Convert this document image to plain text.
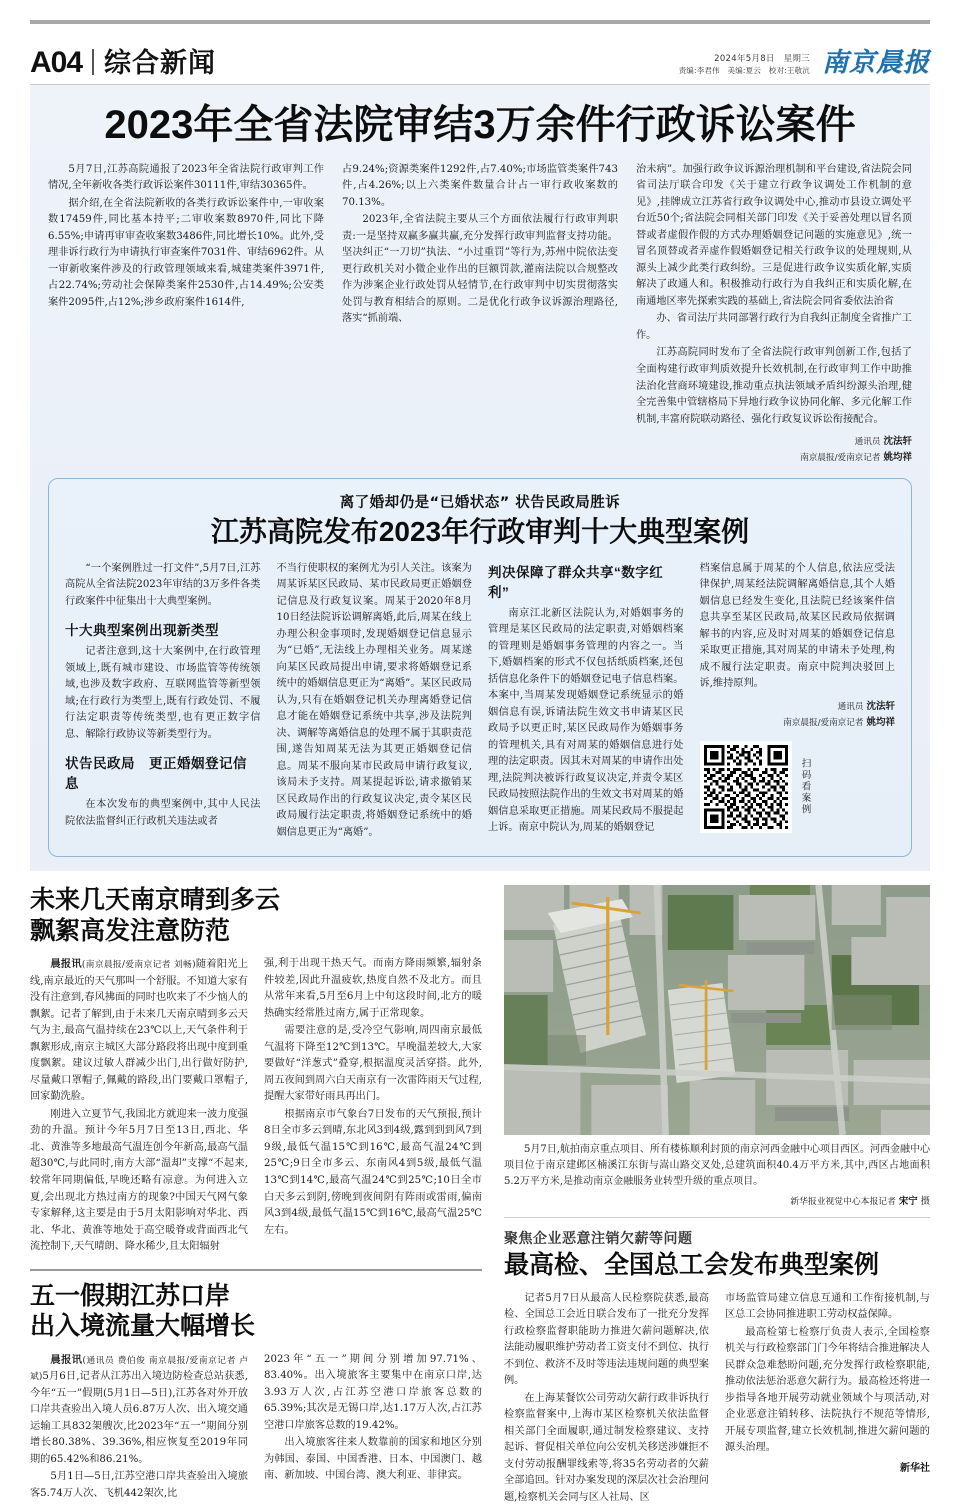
A04 综合新闻	2024年5月8日　星期三
责编:李君伟　美编:夏云　校对:王敬沆 南京晨报
2023年全省法院审结3万余件行政诉讼案件

5月7日,江苏高院通报了2023年全省法院行政审判工作情况,全年新收各类行政诉讼案件30111件,审结30365件。

据介绍,在全省法院新收的各类行政诉讼案件中,一审收案数17459件,同比基本持平;二审收案数8970件,同比下降6.55%;申请再审审查收案数3486件,同比增长10%。此外,受理非诉行政行为申请执行审查案件7031件、审结6962件。从一审新收案件涉及的行政管理领域来看,城建类案件3971件,占22.74%;劳动社会保障类案件2530件,占14.49%;公安类案件2095件,占12%;涉乡政府案件1614件,

占9.24%;资源类案件1292件,占7.40%;市场监管类案件743件,占4.26%;以上六类案件数量合计占一审行政收案数的70.13%。

2023年,全省法院主要从三个方面依法履行行政审判职责:一是坚持双赢多赢共赢,充分发挥行政审判监督支持功能。坚决纠正“一刀切”执法、“小过重罚”等行为,苏州中院依法变更行政机关对小微企业作出的巨额罚款,灌南法院以合规整改作为涉案企业行政处罚从轻情节,在行政审判中切实贯彻落实处罚与教育相结合的原则。二是优化行政争议诉源治理路径,落实“抓前端、

治未病”。加强行政争议诉源治理机制和平台建设,省法院会同省司法厅联合印发《关于建立行政争议调处工作机制的意见》,挂牌成立江苏省行政争议调处中心,推动市县设立调处平台近50个;省法院会同相关部门印发《关于妥善处理以冒名顶替或者虚假作假的方式办理婚姻登记问题的实施意见》,统一冒名顶替或者弄虚作假婚姻登记相关行政争议的处理规则,从源头上减少此类行政纠纷。三是促进行政争议实质化解,实质解决了政通人和。积极推动行政行为自我纠正和实质化解,在南通地区率先探索实践的基础上,省法院会同省委依法治省

办、省司法厅共同部署行政行为自我纠正制度全省推广工作。

江苏高院同时发布了全省法院行政审判创新工作,包括了全面构建行政审判质效提升长效机制,在行政审判工作中助推法治化营商环境建设,推动重点执法领域矛盾纠纷源头治理,健全完善集中管辖格局下异地行政争议协同化解、多元化解工作机制,丰富府院联动路径、强化行政复议诉讼衔接配合。

通讯员 沈法轩
南京晨报/爱南京记者 姚均祥
离了婚却仍是“已婚状态” 状告民政局胜诉
江苏高院发布2023年行政审判十大典型案例

“一个案例胜过一打文件”,5月7日,江苏高院从全省法院2023年审结的3万多件各类行政案件中征集出十大典型案例。

十大典型案例出现新类型

记者注意到,这十大案例中,在行政管理领域上,既有城市建设、市场监管等传统领域,也涉及数字政府、互联网监管等新型领域;在行政行为类型上,既有行政处罚、不履行法定职责等传统类型,也有更正数字信息、解除行政协议等新类型行为。

状告民政局　更正婚姻登记信息

在本次发布的典型案例中,其中人民法院依法监督纠正行政机关违法或者

不当行使职权的案例尤为引人关注。该案为周某诉某区民政局、某市民政局更正婚姻登记信息及行政复议案。周某于2020年8月10日经法院诉讼调解离婚,此后,周某在线上办理公积金事项时,发现婚姻登记信息显示为“已婚”,无法线上办理相关业务。周某遂向某区民政局提出申请,要求将婚姻登记系统中的婚姻信息更正为“离婚”。某区民政局认为,只有在婚姻登记机关办理离婚登记信息才能在婚姻登记系统中共享,涉及法院判决、调解等离婚信息的处理不属于其职责范围,遂告知周某无法为其更正婚姻登记信息。周某不服向某市民政局申请行政复议,该局未予支持。周某提起诉讼,请求撤销某区民政局作出的行政复议决定,责令某区民政局履行法定职责,将婚姻登记系统中的婚姻信息更正为“离婚”。

判决保障了群众共享“数字红利”

南京江北新区法院认为,对婚姻事务的管理是某区民政局的法定职责,对婚姻档案的管理则是婚姻事务管理的内容之一。当下,婚姻档案的形式不仅包括纸质档案,还包括信息化条件下的婚姻登记电子信息档案。本案中,当周某发现婚姻登记系统显示的婚姻信息有误,诉请法院生效文书申请某区民政局予以更正时,某区民政局作为婚姻事务的管理机关,具有对周某的婚姻信息进行处理的法定职责。因其未对周某的申请作出处理,法院判决被诉行政复议决定,并责令某区民政局按照法院作出的生效文书对周某的婚姻信息采取更正措施。周某民政局不服提起上诉。南京中院认为,周某的婚姻登记

档案信息属于周某的个人信息,依法应受法律保护,周某经法院调解离婚信息,其个人婚姻信息已经发生变化,且法院已经该案件信息共享至某区民政局,故某区民政局依据调解书的内容,应及时对周某的婚姻登记信息采取更正措施,其对周某的申请未予处理,构成不履行法定职责。南京中院判决驳回上诉,维持原判。

通讯员 沈法轩
南京晨报/爱南京记者 姚均祥
扫码看案例
未来几天南京晴到多云
飘絮高发注意防范

晨报讯(南京晨报/爱南京记者 刘畅)随着阳光上线,南京最近的天气那叫一个舒服。不知道大家有没有注意到,春风拂面的同时也吹来了不少恼人的飘絮。记者了解到,由于未来几天南京晴到多云天气为主,最高气温持续在23℃以上,天气条件利于飘絮形成,南京主城区大部分路段将出现中度到重度飘絮。建议过敏人群减少出门,出行做好防护,尽量戴口罩帽子,佩戴的路段,出门要戴口罩帽子,回家勤洗脸。

刚进入立夏节气,我国北方就迎来一波力度强劲的升温。预计今年5月7日至13日,西北、华北、黄淮等多地最高气温连创今年新高,最高气温超30℃,与此同时,南方大部“温却”支撑“不起来,较常年同期偏低,早晚还略有凉意。为何进入立夏,会出现北方热过南方的现象?中国天气网气象专家解释,这主要是由于5月太阳影响对华北、西北、华北、黄淮等地处于高空暖脊或背面西北气流控制下,天气晴朗、降水稀少,且太阳辐射

强,利于出现干热天气。而南方降雨频繁,辐射条件较差,因此升温疲软,热度自然不及北方。而且从常年来看,5月至6月上中旬这段时间,北方的暖热确实经常胜过南方,属于正常现象。

需要注意的是,受冷空气影响,周四南京最低气温将下降至12℃到13℃。早晚温差较大,大家要做好“洋葱式”叠穿,根据温度灵活穿搭。此外,周五夜间到周六白天南京有一次雷阵雨天气过程,提醒大家带好雨具再出门。

根据南京市气象台7日发布的天气预报,预计8日全市多云到晴,东北风3到4级,露到到到风7到9级,最低气温15℃到16℃,最高气温24℃到25℃;9日全市多云、东南风4到5级,最低气温13℃到14℃,最高气温24℃到25℃;10日全市白天多云到阴,傍晚到夜间阴有阵雨或雷雨,偏南风3到4级,最低气温15℃到16℃,最高气温25℃左右。

五一假期江苏口岸
出入境流量大幅增长

晨报讯(通讯员 费伯俊 南京晨报/爱南京记者 卢斌)5月6日,记者从江苏出入境边防检查总站获悉,今年“五一”假期(5月1日—5日),江苏各对外开放口岸共查验出入境人员6.87万人次、出入境交通运输工具832架艘次,比2023年“五一”期间分别增长80.38%、39.36%,相应恢复至2019年同期的65.42%和86.21%。

5月1日—5日,江苏空港口岸共查验出入境旅客5.74万人次、飞机442架次,比

2023年“五一”期间分别增加97.71%、83.40%。出入境旅客主要集中在南京口岸,达3.93万人次,占江苏空港口岸旅客总数的65.39%;其次是无锡口岸,达1.17万人次,占江苏空港口岸旅客总数的19.42%。

出入境旅客往来人数靠前的国家和地区分别为韩国、泰国、中国香港、日本、中国澳门、越南、新加坡、中国台湾、澳大利亚、菲律宾。

5月7日,航拍南京重点项目、所有楼栋顺利封顶的南京河西金融中心项目西区。河西金融中心项目位于南京建邺区楠溪江东街与嵩山路交叉处,总建筑面积40.4万平方米,其中,西区占地面积5.2万平方米,是推动南京金融服务业转型升级的重点项目。
新华报业视觉中心本报记者 宋宁 摄
聚焦企业恶意注销欠薪等问题
最高检、全国总工会发布典型案例

记者5月7日从最高人民检察院获悉,最高检、全国总工会近日联合发布了一批充分发挥行政检察监督职能助力推进欠薪问题解决,依法能动履职维护劳动者工资支付不到位、执行不到位、救济不及时等违法违规问题的典型案例。

在上海某餐饮公司劳动欠薪行政非诉执行检察监督案中,上海市某区检察机关依法监督相关部门全面履职,通过制发检察建议、支持起诉、督促相关单位向公安机关移送涉嫌拒不支付劳动报酬罪线索等,将35名劳动者的欠薪全部追回。针对办案发现的深层次社会治理问题,检察机关会同与区人社局、区

市场监管局建立信息互通和工作衔接机制,与区总工会协同推进职工劳动权益保障。

最高检第七检察厅负责人表示,全国检察机关与行政检察部门门今年将结合推进解决人民群众急难愁盼问题,充分发挥行政检察职能,推动依法惩治恶意欠薪行为。最高检还将进一步指导各地开展劳动就业领域个与项活动,对企业恶意注销转移、法院执行不规范等情形,开展专项监督,建立长效机制,推进欠薪问题的源头治理。

新华社
